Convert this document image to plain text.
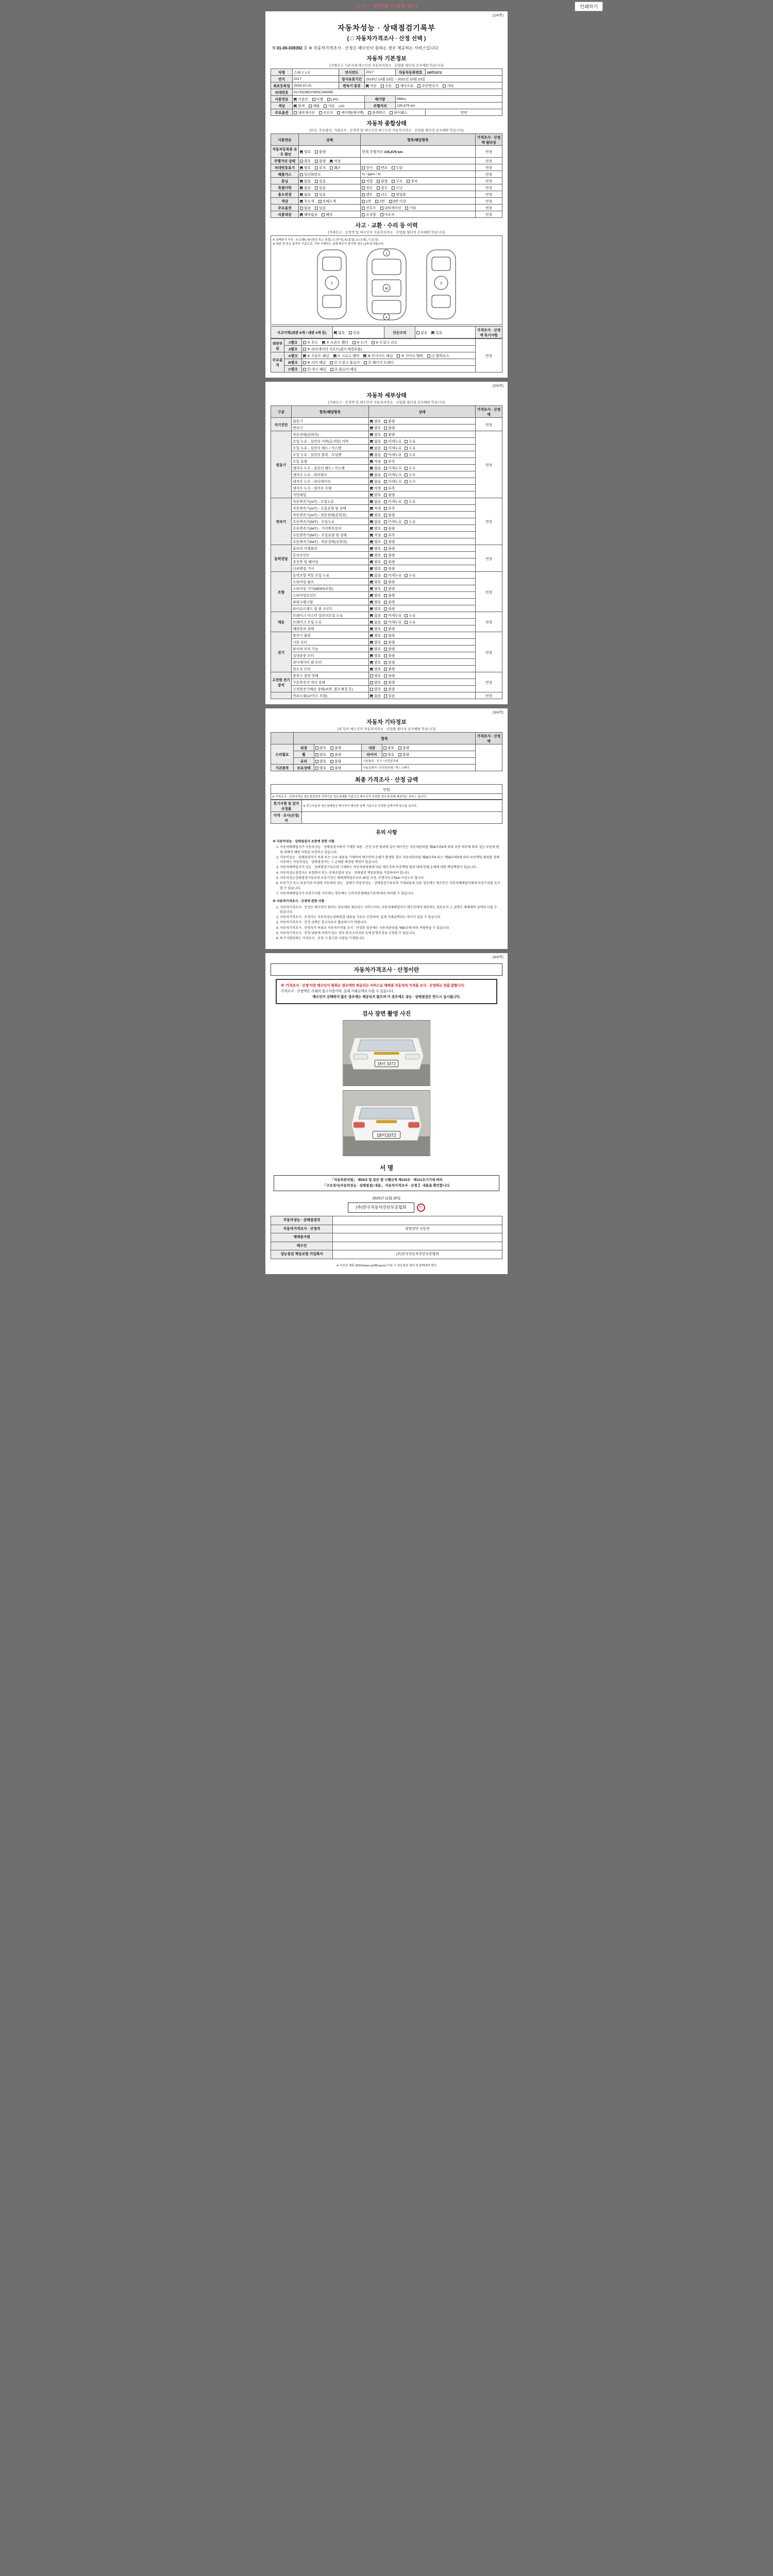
ㅋㅋㅋ 화면에 인쇄창 열기	인쇄하기
(1/4쪽)
자동차성능 · 상태점검기록부
( □ 자동차가격조사 · 산정 선택 )
제 01-00-039392 호 ※ 자동차가격조사 · 산정은 매수인이 원하는 경우 제공하는 서비스입니다.
자동차 기본정보
[거래신고 기준거래 매수인의 자동차저작소 · 산업물 필터성 공우배한 학습니다]
차명	스파크 1.0	연식연도	2017	자동차등록번호	18러3372
연식	2017	검사유효기간	2019년 10월 23일 ~ 2021년 10월 23일		
최초등록일	2016-10-21	변속기 종류	자동 수동 세미오토 무단변속기 기타		
차대번호	KLYDCMDYWHC246065				
사용연료	가솔린 디젤 LPG		배기량	999cc	
색상	원색 메탈 기타 LIG		주행거리	135,679 km	
주요옵션	내비게이션 선루프 에어백(에어백) 블랙박스 하이패스				연번
자동차 종합상태
[부속, 주요출선, 거래조사 · 산정액 및 매수인의 매수인의 자동차저작소 · 산업물 필터성 공우배한 학습니다]
사용연료	상태	항목/해당항목	가격조사 · 산정액 필터성
자동차등록증 유 · 무 확인	양호 불량	현재 주행거리 135,679 km	연장
주행거리 상태	양호 불량 적정		연장
차대번호표기	양호 부식 훼손	상이 변조 도말	연장
배출가스	일산화탄소	% / ppm / %	연장
튜닝	없음 있음	적법 불법 구조 장치	연장
특별이력	없음 있음	전손 침수 도난	연장
용도변경	없음 있음	렌트 리스 영업용	연장
색상	무도색 전체도색	1면 2면 3면 이상	연장
주요옵션	없음 있음	선루프 내비게이션 기타	연장
리콜대상	해당없음 해당	조치함 미조치	연장
사고 · 교환 · 수리 등 이력
[거래신고 · 산정액 및 매수인의 자동차저작소 · 산업물 필터성 공우배한 학습니다]
※ 상태표시 부호 : X (교환), W (판금 또는 용접), C (부식), A (흠집), U (요철), T (손상)
※ 외판 및 주요 골격부 기준으로, 기타 기재하는 상태 확인이 불가한 경우 [ ]에 표시합니다.
2
1
M
4
3
사고이력(외판 6개 / 내판 4개 등)	없음 있음	단순수리	없음 있음	가격조사 · 산정액 특기사항
외판부위	1랭크	① 후드 ② 프론트 휀더 ③ 도어 ④ 트렁크 리드	연장
	2랭크	⑤ 라디에이터 서포트(볼트체결부품)	
주요골격	A랭크	⑥ 프론트 패널 ⑦ 크로스 멤버 ⑧ 인사이드 패널 ⑨ 사이드 멤버 Ⓐ 휠하우스	
	B랭크	⑩ 리어 패널 ⑪ 트렁크 플로어 ⑫ 패키지 트레이	
	C랭크	⑬ 대시 패널 ⑭ 플로어 패널	
(2/4쪽)
자동차 세부상태
[거래신고 · 산정액 및 매수인의 자동차저작소 · 산업물 필터성 공우배한 학습니다]
구분	항목/해당항목	상태	가격조사 · 산정액
자기진단	원동기	양호 불량	연장
	변속기	양호 불량	
원동기	작동상태(공회전)	양호 불량	연장
	오일 누유 - 실린더 커버(로커암) 커버	없음 미세누유 누유	
	오일 누유 - 실린더 헤드 / 가스켓	없음 미세누유 누유	
	오일 누유 - 실린더 블록 · 오일팬	없음 미세누유 누유	
	오일 유량	적정 부족	
	냉각수 누수 - 실린더 헤드 / 가스켓	없음 미세누수 누수	
	냉각수 누수 - 워터펌프	없음 미세누수 누수	
	냉각수 누수 - 라디에이터	없음 미세누수 누수	
	냉각수 누수 - 냉각수 수량	적정 부족	
	커먼레일	양호 불량	
변속기	자동변속기(A/T) - 오일누유	없음 미세누유 누유	연장
	자동변속기(A/T) - 오일유량 및 상태	적정 부족	
	자동변속기(A/T) - 작동상태(공회전)	양호 불량	
	수동변속기(M/T) - 오일누유	없음 미세누유 누유	
	수동변속기(M/T) - 기어변속장치	양호 불량	
	수동변속기(M/T) - 오일유량 및 상태	적정 부족	
	수동변속기(M/T) - 작동상태(공회전)	양호 불량	
동력전달	클러치 어셈블리	양호 불량	연장
	등속조인트	양호 불량	
	추진축 및 베어링	양호 불량	
	디퍼렌셜 기어	양호 불량	
조향	동력조향 작동 오일 누유	없음 미세누유 누유	연장
	스티어링 펌프	양호 불량	
	스티어링 기어(MDPS포함)	양호 불량	
	스티어링조인트	양호 불량	
	파워크랭크암	양호 불량	
	타이로드엔드 및 볼 조인트	양호 불량	
제동	브레이크 마스터 실린더오일 누유	없음 미세누유 누유	연장
	브레이크 오일 누유	없음 미세누유 누유	
	배력장치 상태	양호 불량	
전기	발전기 출력	양호 불량	연장
	시동 모터	양호 불량	
	와이퍼 모터 기능	양호 불량	
	실내송풍 모터	양호 불량	
	라디에이터 팬 모터	양호 불량	
	윈도우 모터	양호 불량	
고전원 전기장치	충전구 절연 상태	양호 불량	연장
	구동축전지 격리 상태	양호 불량	
	고전원전기배선 상태(피복, 볼트체결 등)	양호 불량	
	연료누출(LP가스 포함)	없음 있음	연장
(3/4쪽)
자동차 기타정보
[외 특히 매수인의 자동차저작소 · 산업물 필터성 공우배한 학습니다]
	항목				가격조사 · 산정액
수리필요	외장	양호 불량	내장	양호 불량	
	휠	양호 불량	타이어	양호 불량	
	유리	양호 불량	기본품목 : 공구 / 안전삼각대		
기본품목	보유상태	양호 불량	사용설명서 / 안전삼각대 / 잭 / 스패너		
최종 가격조사 · 산정 금액
만원
※ 가격조사 · 산정가격은 성능점검장의 가격기준 성능상태를 기준으로 매수인이 의뢰한 경우에 한해 제공하는 서비스 입니다.
특기사항 및 감가 산정률	※ 중고자동차 성능상태점검 제시자가 제시한 금액 기준으로 산정한 금액이며 참고용 입니다.
가격 · 조사(산정)자	
유의 사항
※ 자동차성능 · 상태점검자 보증에 관한 사항
1. 자동차매매업자가 자동차성능 · 상태점검자에서 기재한 내용 · 산정 부분 범위에 있어 매수인은 자동차관리법 제58조의4에 따라 보증 의무에 따라 성능 보증의 범위 내에서 해당 사항을 보증하고 있습니다.
2. 자동차성능 · 상태점검자가 허위 또는 오류 내용을 기재하여 매수인의 손해가 발생한 경우 자동차관리법 제58조의4 또는 제58조의5에 따라 보증책임 범위를 정해 사용하는 자동차성능 · 상태점검자는 그 손해를 배상할 책임이 있습니다.
3. 자동차매매업자가 성능 · 상태점검기록부의 기재와는 자동차관리법에 따른 매도자의 보증책임 범위 내에 한해 손해에 대한 배상책임이 있습니다.
4. 자동차성능점검자는 보험회사 또는 공제조합과 성능 · 상태점검 책임보험을 가입하여야 합니다.
5. 자동차성능상태점검기록부의 보증기간은 매매계약일로부터 30일 이상, 주행거리 2천km 이상으로 합니다.
6. 보증기간 또는 보증거리 이내에 자동차의 성능 · 상태가 자동차성능 · 상태점검기록부의 기재내용과 다른 경우에는 매수인은 자동차매매업자에게 보증수리를 요구할 수 있습니다.
7. 자동차매매업자가 보증수리를 거부하는 경우에는 소비자분쟁해결기준에 따라 처리할 수 있습니다.
※ 자동차가격조사 · 산정에 관한 사항
1. 자동차가격조사 · 산정은 매수인이 원하는 경우에만 제공되는 서비스이며, 자동차매매업자가 매수인에게 제공하는 정보로서 그 금액은 매매계약 금액과 다를 수 있습니다.
2. 자동차가격조사 · 산정자는 자동차성능상태점검 내용을 기초로 산정하며, 실제 거래금액과는 차이가 있을 수 있습니다.
3. 자동차가격조사 · 산정 금액은 참고자료로 활용하시기 바랍니다.
4. 자동차가격조사 · 산정자가 허위로 자동차가격을 조사 · 산정한 경우에는 자동차관리법 제80조에 따라 처벌받을 수 있습니다.
5. 자동차가격조사 · 산정 내용에 이의가 있는 경우 한국소비자원 등에 분쟁조정을 신청할 수 있습니다.
6. 특기사항란에는 가격조사 · 산정 시 참고한 사항을 기재합니다.
(4/4쪽)
자동차가격조사 · 산정이란
※ '가격조사 · 산정'이란 매수인이 원하는 경우에만 제공되는 서비스로 매매용 자동차의 가격을 조사 · 산정하는 것을 말합니다.
가격조사 · 산정액은 거래의 참고사항이며, 실제 거래금액과 다를 수 있습니다.
매수인이 선택하지 않은 경우에는 제공되지 않으며 이 경우에도 성능 · 상태점검은 반드시 실시됩니다.
검사 장면 촬영 사진
18러 3372
18러3372
서 명
「자동차관리법」 제58조 및 같은 법 시행규칙 제120조 · 제121조기기에 따라
「구조검사(자동차성능 · 상태점검) 내용」 자동차가격조사 · 산정 】 내용을 확인합니다.
2025년 11월 20일
(주)한국자동차진단보증협회	印
자동차성능 · 상태점검자	
자동차가격조사 · 산정자	광양진단 신동연
매매종사원	
매수인	
성능점검 책임보험 가입회사	(주)한국자동차진단보증협회
※ 자신감 제휴 3332(www.car365.go.kr) 이용 시 성능점검 결과 및 판매내역 확인
